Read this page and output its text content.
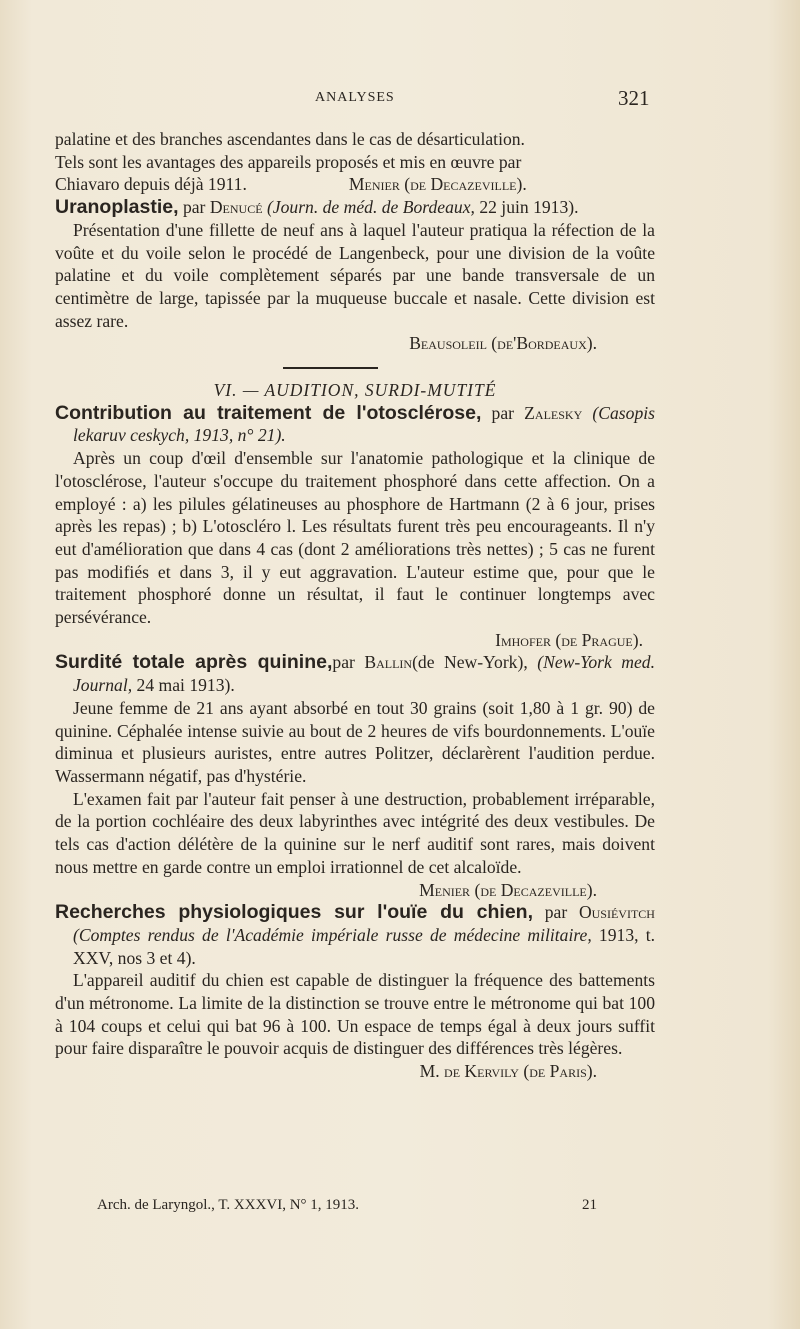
ANALYSES	321

palatine et des branches ascendantes dans le cas de désarticulation.

Tels sont les avantages des appareils proposés et mis en œuvre par

Chiavaro depuis déjà 1911.	Menier (de Decazeville).

Uranoplastie, par Denucé (Journ. de méd. de Bordeaux, 22 juin 1913).

Présentation d'une fillette de neuf ans à laquel l'auteur pratiqua la réfection de la voûte et du voile selon le procédé de Langenbeck, pour une division de la voûte palatine et du voile complètement séparés par une bande transversale de un centimètre de large, tapissée par la muqueuse buccale et nasale. Cette division est assez rare.

Beausoleil (de'Bordeaux).

VI. — AUDITION, SURDI-MUTITÉ

Contribution au traitement de l'otosclérose, par Zalesky (Casopis lekaruv ceskych, 1913, n° 21).

Après un coup d'œil d'ensemble sur l'anatomie pathologique et la clinique de l'otosclérose, l'auteur s'occupe du traitement phosphoré dans cette affection. On a employé : a) les pilules gélatineuses au phosphore de Hartmann (2 à 6 jour, prises après les repas) ; b) L'otoscléro l. Les résultats furent très peu encourageants. Il n'y eut d'amélioration que dans 4 cas (dont 2 améliorations très nettes) ; 5 cas ne furent pas modifiés et dans 3, il y eut aggravation. L'auteur estime que, pour que le traitement phosphoré donne un résultat, il faut le continuer longtemps avec persévérance.

Imhofer (de Prague).

Surdité totale après quinine,par Ballin(de New-York), (New-York med. Journal, 24 mai 1913).

Jeune femme de 21 ans ayant absorbé en tout 30 grains (soit 1,80 à 1 gr. 90) de quinine. Céphalée intense suivie au bout de 2 heures de vifs bourdonnements. L'ouïe diminua et plusieurs auristes, entre autres Politzer, déclarèrent l'audition perdue. Wassermann négatif, pas d'hystérie.

L'examen fait par l'auteur fait penser à une destruction, probablement irréparable, de la portion cochléaire des deux labyrinthes avec intégrité des deux vestibules. De tels cas d'action délétère de la quinine sur le nerf auditif sont rares, mais doivent nous mettre en garde contre un emploi irrationnel de cet alcaloïde.

Menier (de Decazeville).

Recherches physiologiques sur l'ouïe du chien, par Ousiévitch (Comptes rendus de l'Académie impériale russe de médecine militaire, 1913, t. XXV, nos 3 et 4).

L'appareil auditif du chien est capable de distinguer la fréquence des battements d'un métronome. La limite de la distinction se trouve entre le métronome qui bat 100 à 104 coups et celui qui bat 96 à 100. Un espace de temps égal à deux jours suffit pour faire disparaître le pouvoir acquis de distinguer des différences très légères.

M. de Kervily (de Paris).

Arch. de Laryngol., T. XXXVI, N° 1, 1913.	21
